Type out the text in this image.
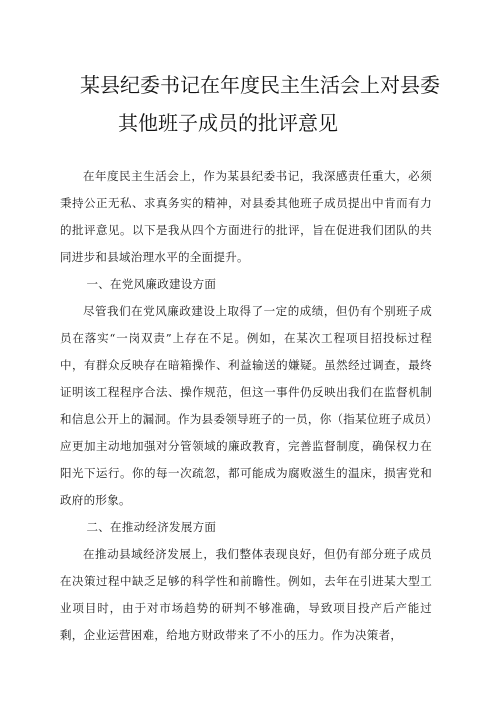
某县纪委书记在年度民主生活会上对县委
其他班子成员的批评意见

在年度民主生活会上，作为某县纪委书记，我深感责任重大，必须秉持公正无私、求真务实的精神，对县委其他班子成员提出中肯而有力的批评意见。以下是我从四个方面进行的批评，旨在促进我们团队的共同进步和县域治理水平的全面提升。

一、在党风廉政建设方面

尽管我们在党风廉政建设上取得了一定的成绩，但仍有个别班子成员在落实“一岗双责”上存在不足。例如，在某次工程项目招投标过程中，有群众反映存在暗箱操作、利益输送的嫌疑。虽然经过调查，最终证明该工程程序合法、操作规范，但这一事件仍反映出我们在监督机制和信息公开上的漏洞。作为县委领导班子的一员，你（指某位班子成员）应更加主动地加强对分管领域的廉政教育，完善监督制度，确保权力在阳光下运行。你的每一次疏忽，都可能成为腐败滋生的温床，损害党和政府的形象。

二、在推动经济发展方面

在推动县域经济发展上，我们整体表现良好，但仍有部分班子成员在决策过程中缺乏足够的科学性和前瞻性。例如，去年在引进某大型工业项目时，由于对市场趋势的研判不够准确，导致项目投产后产能过剩，企业运营困难，给地方财政带来了不小的压力。作为决策者，
